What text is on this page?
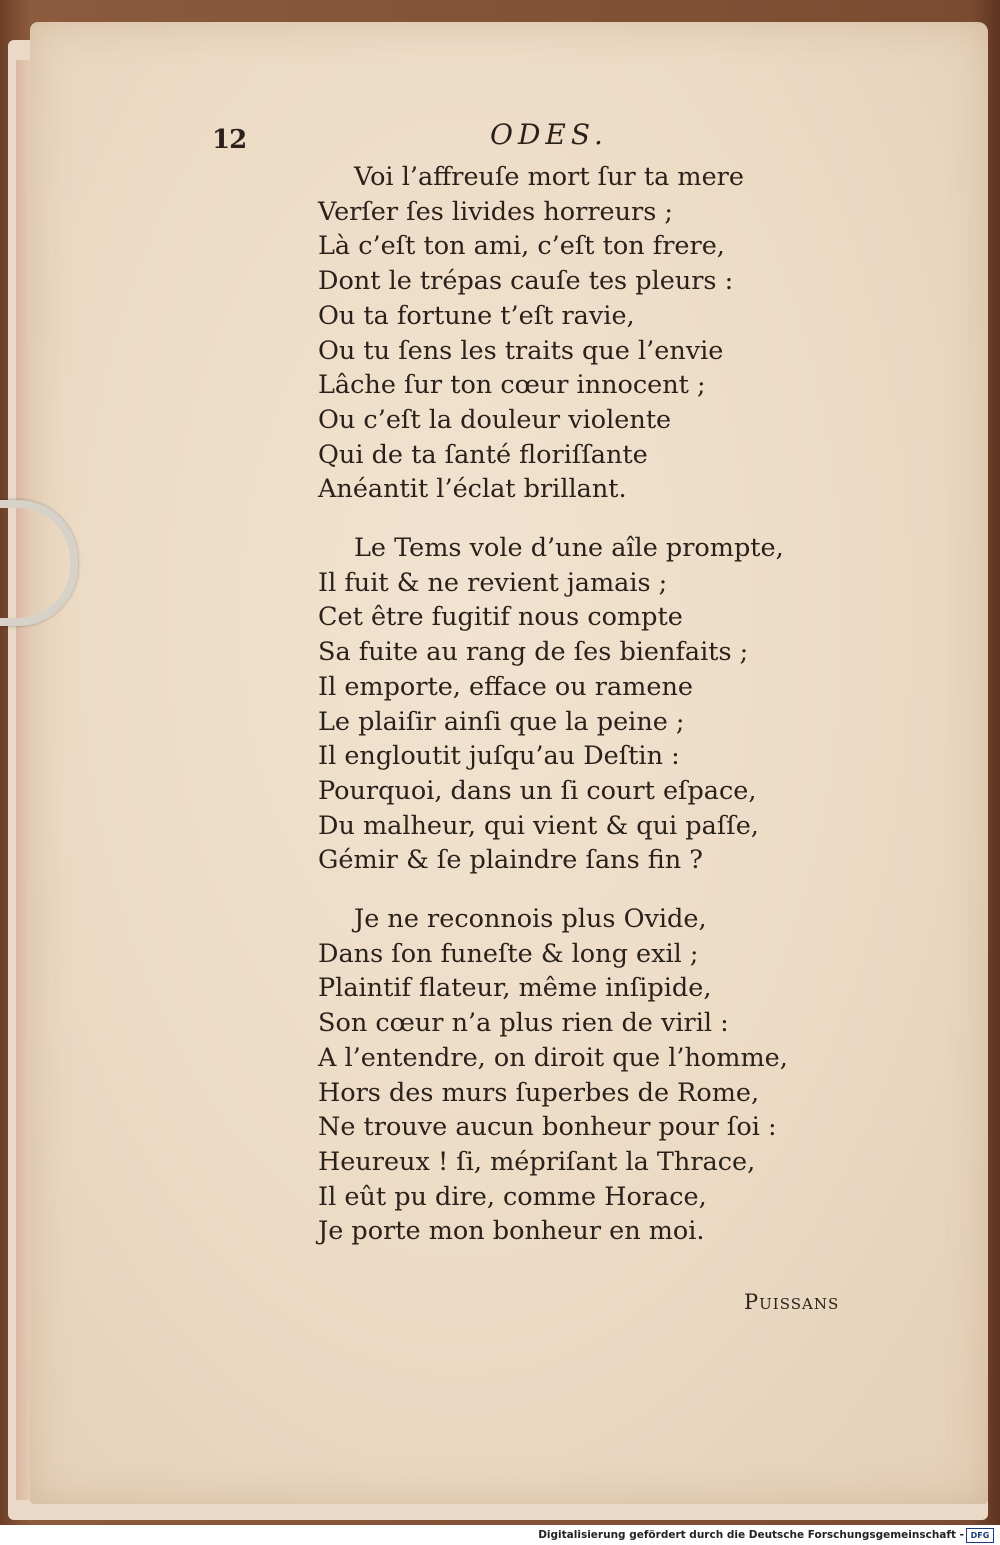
12	ODES.
Voi l’affreuſe mort ſur ta mere
Verſer ſes livides horreurs ;
Là c’eſt ton ami, c’eſt ton frere,
Dont le trépas cauſe tes pleurs :
Ou ta fortune t’eſt ravie,
Ou tu ſens les traits que l’envie
Lâche ſur ton cœur innocent ;
Ou c’eſt la douleur violente
Qui de ta ſanté floriſſante
Anéantit l’éclat brillant.
Le Tems vole d’une aîle prompte,
Il fuit & ne revient jamais ;
Cet être fugitif nous compte
Sa fuite au rang de ſes bienfaits ;
Il emporte, efface ou ramene
Le plaiſir ainſi que la peine ;
Il engloutit juſqu’au Deſtin :
Pourquoi, dans un ſi court eſpace,
Du malheur, qui vient & qui paſſe,
Gémir & ſe plaindre ſans fin ?
Je ne reconnois plus Ovide,
Dans ſon funeſte & long exil ;
Plaintif flateur, même inſipide,
Son cœur n’a plus rien de viril :
A l’entendre, on diroit que l’homme,
Hors des murs ſuperbes de Rome,
Ne trouve aucun bonheur pour ſoi :
Heureux ! ſi, mépriſant la Thrace,
Il eût pu dire, comme Horace,
Je porte mon bonheur en moi.
Puissans
Digitalisierung gefördert durch die Deutsche Forschungsgemeinschaft - DFG
